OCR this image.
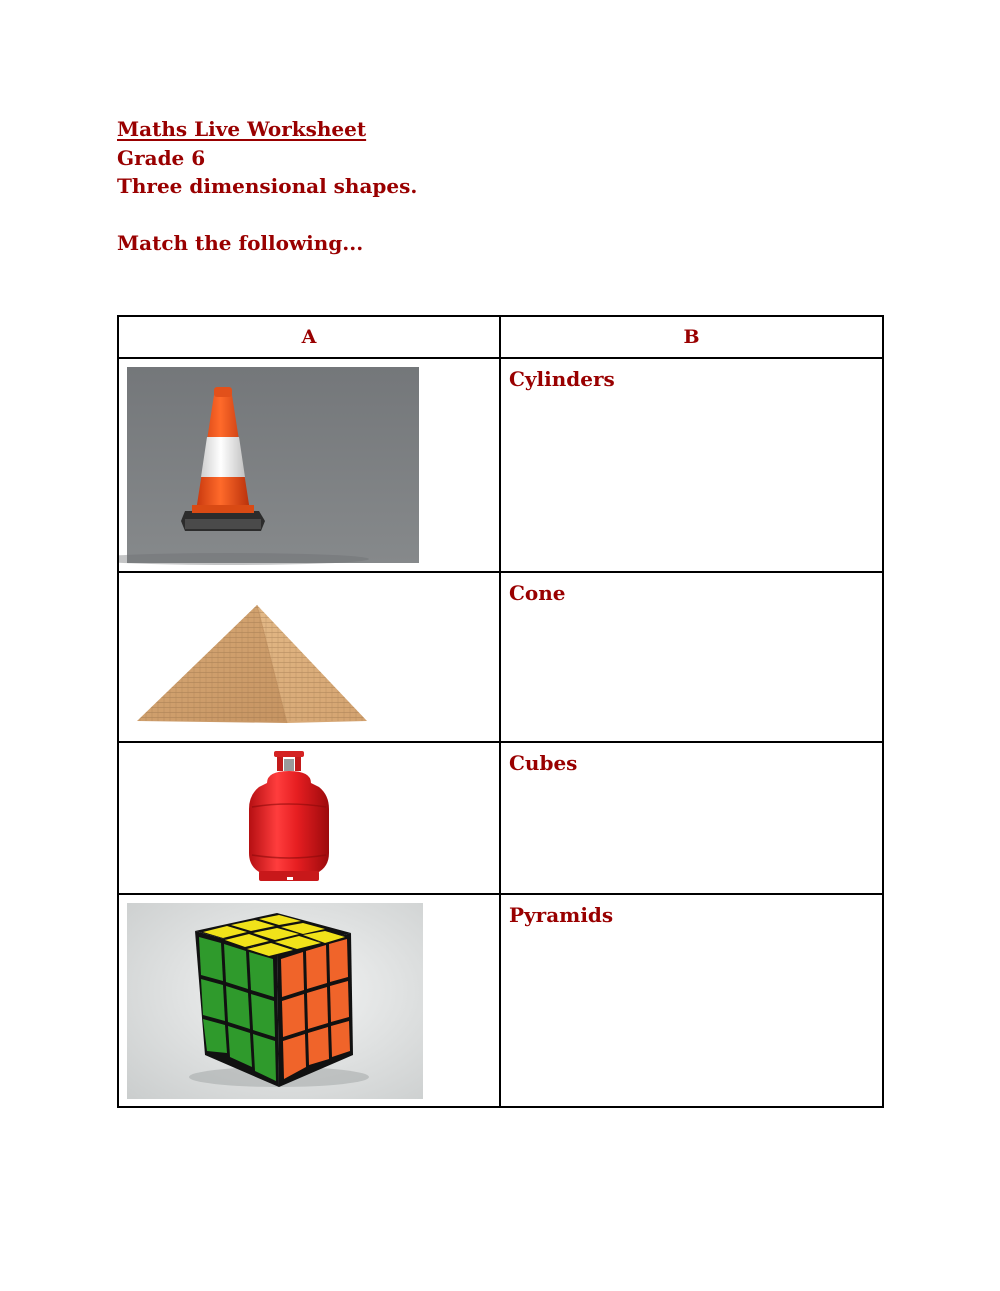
Maths Live Worksheet

Grade 6

Three dimensional shapes.

Match the following...

A	B

Cylinders

Cone

Cubes

Pyramids
